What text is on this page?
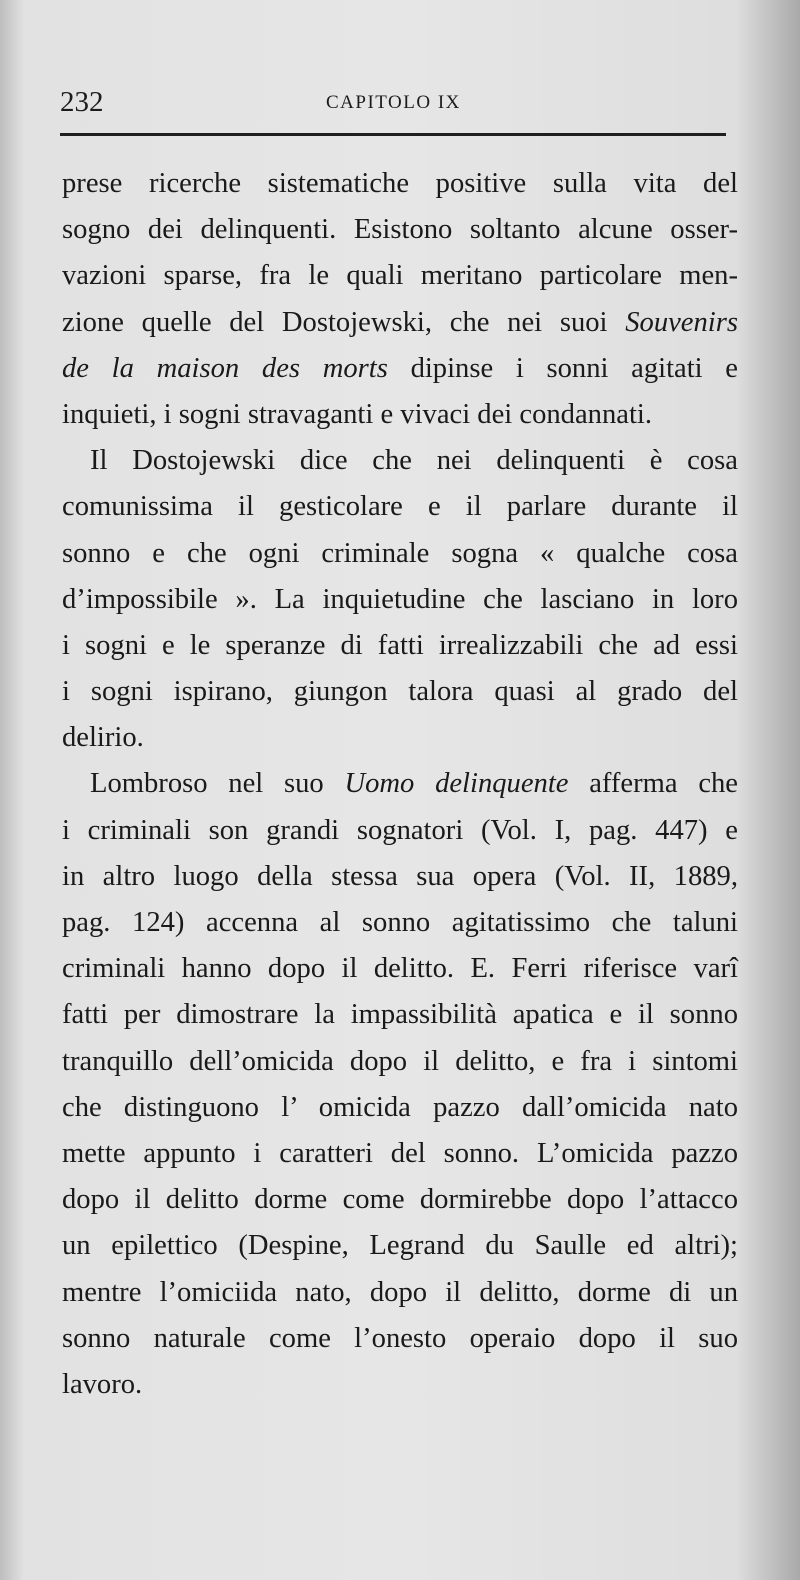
232	CAPITOLO IX
prese ricerche sistematiche positive sulla vita del
sogno dei delinquenti. Esistono soltanto alcune osser-
vazioni sparse, fra le quali meritano particolare men-
zione quelle del Dostojewski, che nei suoi Souvenirs
de la maison des morts dipinse i sonni agitati e
inquieti, i sogni stravaganti e vivaci dei condannati.
Il Dostojewski dice che nei delinquenti è cosa
comunissima il gesticolare e il parlare durante il
sonno e che ogni criminale sogna « qualche cosa
d’impossibile ». La inquietudine che lasciano in loro
i sogni e le speranze di fatti irrealizzabili che ad essi
i sogni ispirano, giungon talora quasi al grado del
delirio.
Lombroso nel suo Uomo delinquente afferma che
i criminali son grandi sognatori (Vol. I, pag. 447) e
in altro luogo della stessa sua opera (Vol. II, 1889,
pag. 124) accenna al sonno agitatissimo che taluni
criminali hanno dopo il delitto. E. Ferri riferisce varî
fatti per dimostrare la impassibilità apatica e il sonno
tranquillo dell’omicida dopo il delitto, e fra i sintomi
che distinguono l’ omicida pazzo dall’omicida nato
mette appunto i caratteri del sonno. L’omicida pazzo
dopo il delitto dorme come dormirebbe dopo l’attacco
un epilettico (Despine, Legrand du Saulle ed altri);
mentre l’omiciida nato, dopo il delitto, dorme di un
sonno naturale come l’onesto operaio dopo il suo
lavoro.
